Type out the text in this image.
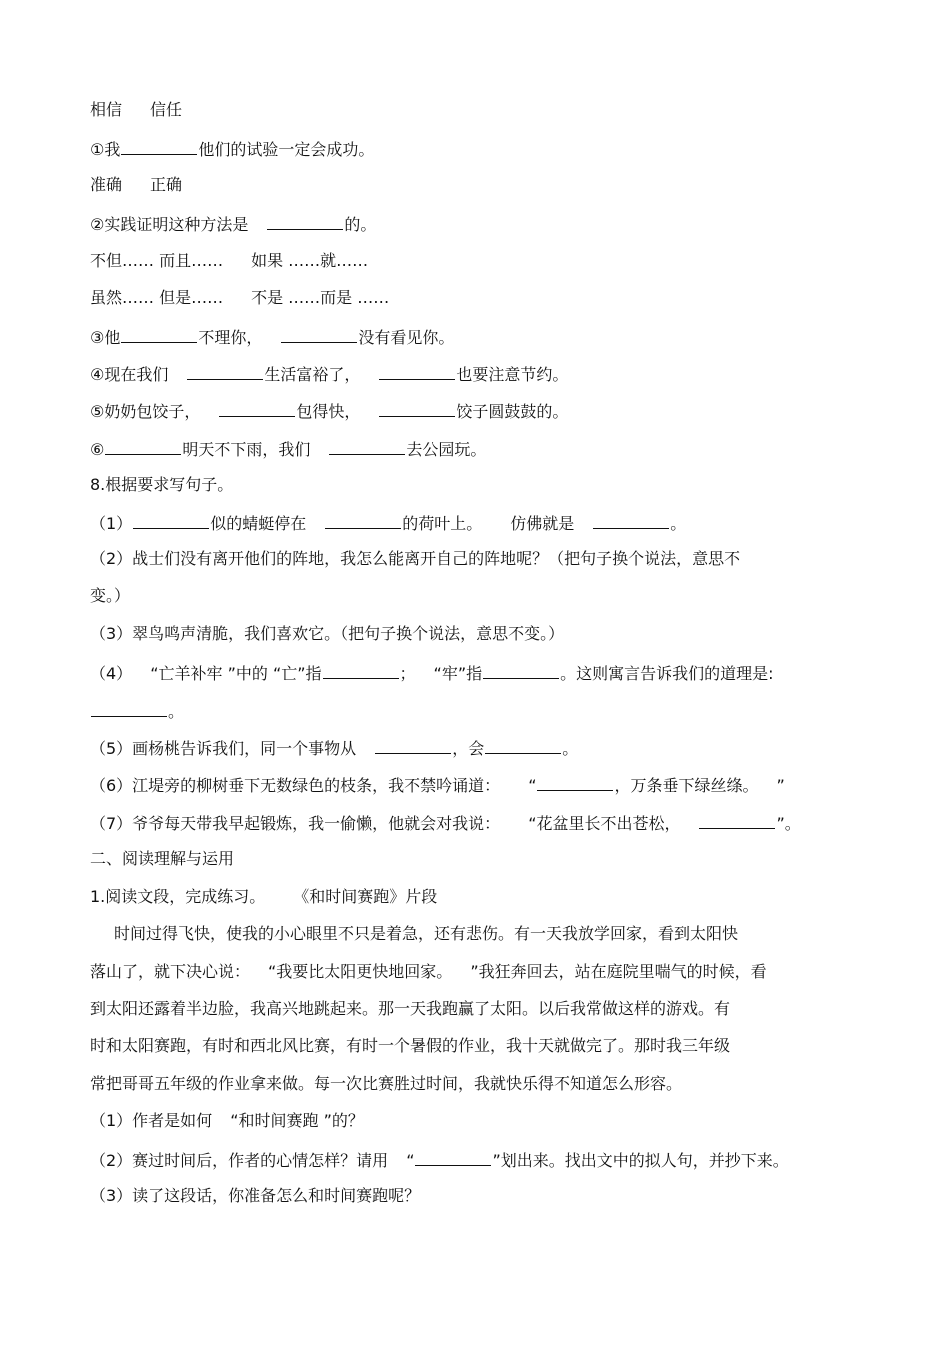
相信 信任
①我	他们的试验一定会成功。
准确 正确
②实践证明这种方法是	的。
不但…… 而且…… 如果 ……就……
虽然…… 但是…… 不是 ……而是 ……
③他	不理你，	没有看见你。
④现在我们	生活富裕了，	也要注意节约。
⑤奶奶包饺子，	包得快，	饺子圆鼓鼓的。
⑥	明天不下雨，我们	去公园玩。
8.根据要求写句子。
（1）	似的蜻蜓停在	的荷叶上。 仿佛就是	。
（2）战士们没有离开他们的阵地，我怎么能离开自己的阵地呢？（把句子换个说法，意思不
变。）
（3）翠鸟鸣声清脆，我们喜欢它。（把句子换个说法，意思不变。）
（4） “亡羊补牢 ”中的 “亡”指	； “牢”指	。这则寓言告诉我们的道理是:
。
（5）画杨桃告诉我们，同一个事物从	，会	。
（6）江堤旁的柳树垂下无数绿色的枝条，我不禁吟诵道： “	，万条垂下绿丝绦。 ”
（7）爷爷每天带我早起锻炼，我一偷懒，他就会对我说： “花盆里长不出苍松，	”。
二、阅读理解与运用
1.阅读文段，完成练习。 《和时间赛跑》片段
时间过得飞快，使我的小心眼里不只是着急，还有悲伤。有一天我放学回家，看到太阳快
落山了，就下决心说： “我要比太阳更快地回家。 ”我狂奔回去，站在庭院里喘气的时候，看
到太阳还露着半边脸，我高兴地跳起来。那一天我跑赢了太阳。以后我常做这样的游戏。有
时和太阳赛跑，有时和西北风比赛，有时一个暑假的作业，我十天就做完了。那时我三年级
常把哥哥五年级的作业拿来做。每一次比赛胜过时间，我就快乐得不知道怎么形容。
（1）作者是如何 “和时间赛跑 ”的？
（2）赛过时间后，作者的心情怎样？请用 “	”划出来。找出文中的拟人句，并抄下来。
（3）读了这段话，你准备怎么和时间赛跑呢？
